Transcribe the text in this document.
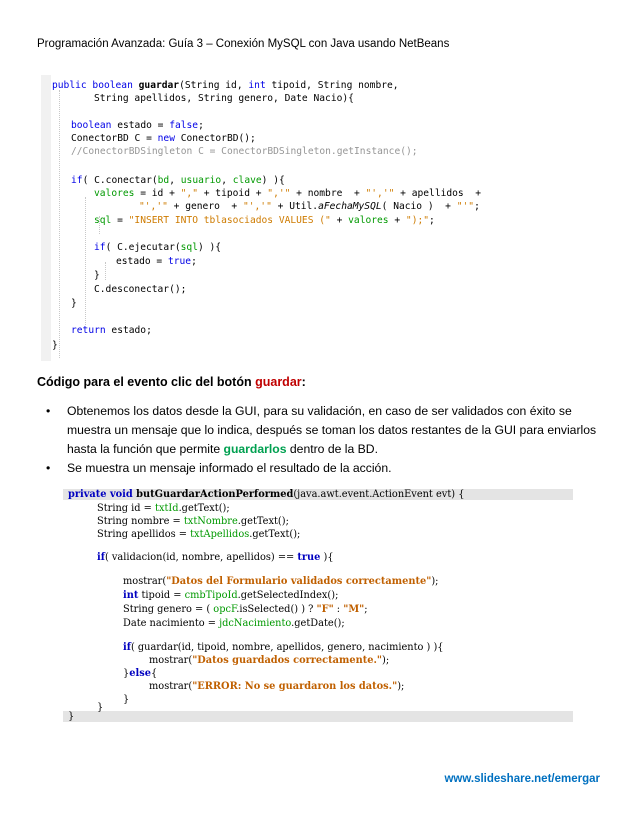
Programación Avanzada: Guía 3 – Conexión MySQL con Java usando NetBeans
public boolean guardar(String id, int tipoid, String nombre,
String apellidos, String genero, Date Nacio){
boolean estado = false;
ConectorBD C = new ConectorBD();
//ConectorBDSingleton C = ConectorBDSingleton.getInstance();
if( C.conectar(bd, usuario, clave) ){
valores = id + "," + tipoid + ",'" + nombre  + "','" + apellidos  +
"','" + genero  + "','" + Util.aFechaMySQL( Nacio )  + "'";
sql = "INSERT INTO tblasociados VALUES (" + valores + ");";
if( C.ejecutar(sql) ){
estado = true;
}
C.desconectar();
}
return estado;
}
Código para el evento clic del botón guardar:
• Obtenemos los datos desde la GUI, para su validación, en caso de ser validados con éxito se muestra un mensaje que lo indica, después se toman los datos restantes de la GUI para enviarlos hasta la función que permite guardarlos dentro de la BD.
• Se muestra un mensaje informado el resultado de la acción.
private void butGuardarActionPerformed(java.awt.event.ActionEvent evt) {
String id = txtId.getText();
String nombre = txtNombre.getText();
String apellidos = txtApellidos.getText();
if( validacion(id, nombre, apellidos) == true ){
mostrar("Datos del Formulario validados correctamente");
int tipoid = cmbTipoId.getSelectedIndex();
String genero = ( opcF.isSelected() ) ? "F" : "M";
Date nacimiento = jdcNacimiento.getDate();
if( guardar(id, tipoid, nombre, apellidos, genero, nacimiento ) ){
mostrar("Datos guardados correctamente.");
}else{
mostrar("ERROR: No se guardaron los datos.");
}
}
}
www.slideshare.net/emergar
